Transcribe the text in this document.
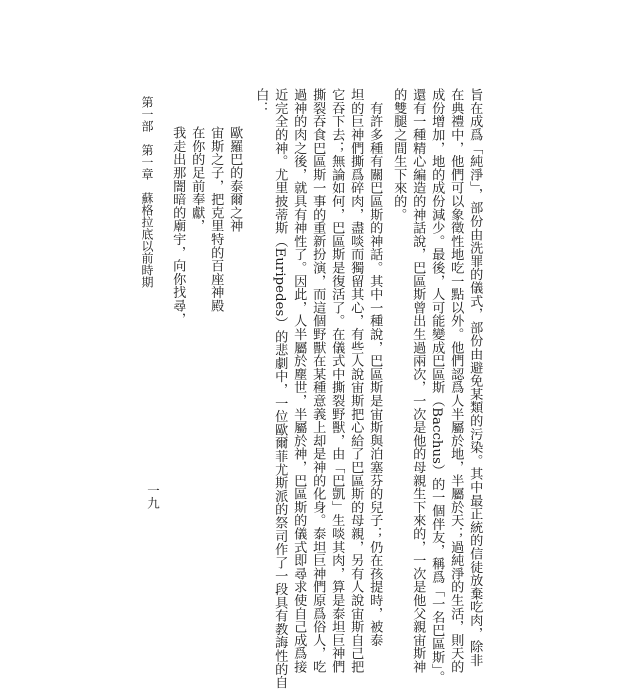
第一部　第一章　蘇格拉底以前時期
一九	旨在成爲「純淨」，部份由洗罪的儀式，部份由避免某類的污染。其中最正統的信徒放棄吃肉，除非
在典禮中，他們可以象徵性地吃一點以外。他們認爲人半屬於地，半屬於天；過純淨的生活，則天的
成份增加，地的成份減少。最後，人可能變成巴區斯（Bacchus）的一個伴友，稱爲「一名巴區斯」。
還有一種精心編造的神話說，巴區斯曾出生過兩次，一次是他的母親生下來的，一次是他父親宙斯神
的雙腿之間生下來的。
　有許多種有關巴區斯的神話。其中一種說，巴區斯是宙斯與泊塞芬的兒子；仍在孩提時，被泰
坦的巨神們撕爲碎肉，盡啖而獨留其心，有些人說宙斯把心給了巴區斯的母親，另有人說宙斯自己把
它吞下去；無論如何，巴區斯是復活了。在儀式中撕裂野獸，由「巴凱」生啖其肉，算是泰坦巨神們
撕裂吞食巴區斯一事的重新扮演，而這個野獸在某種意義上却是神的化身。泰坦巨神們原爲俗人，吃
過神的肉之後，就具有神性了。因此，人半屬於塵世，半屬於神，巴區斯的儀式即尋求使自己成爲接
近完全的神。尤里披蒂斯（Euripedes）的悲劇中，一位歐爾菲尤斯派的祭司作了一段具有教誨性的自
白：
歐羅巴的泰爾之神
宙斯之子，把克里特的百座神殿
在你的足前奉獻，
我走出那闇暗的廟宇，向你找尋，
